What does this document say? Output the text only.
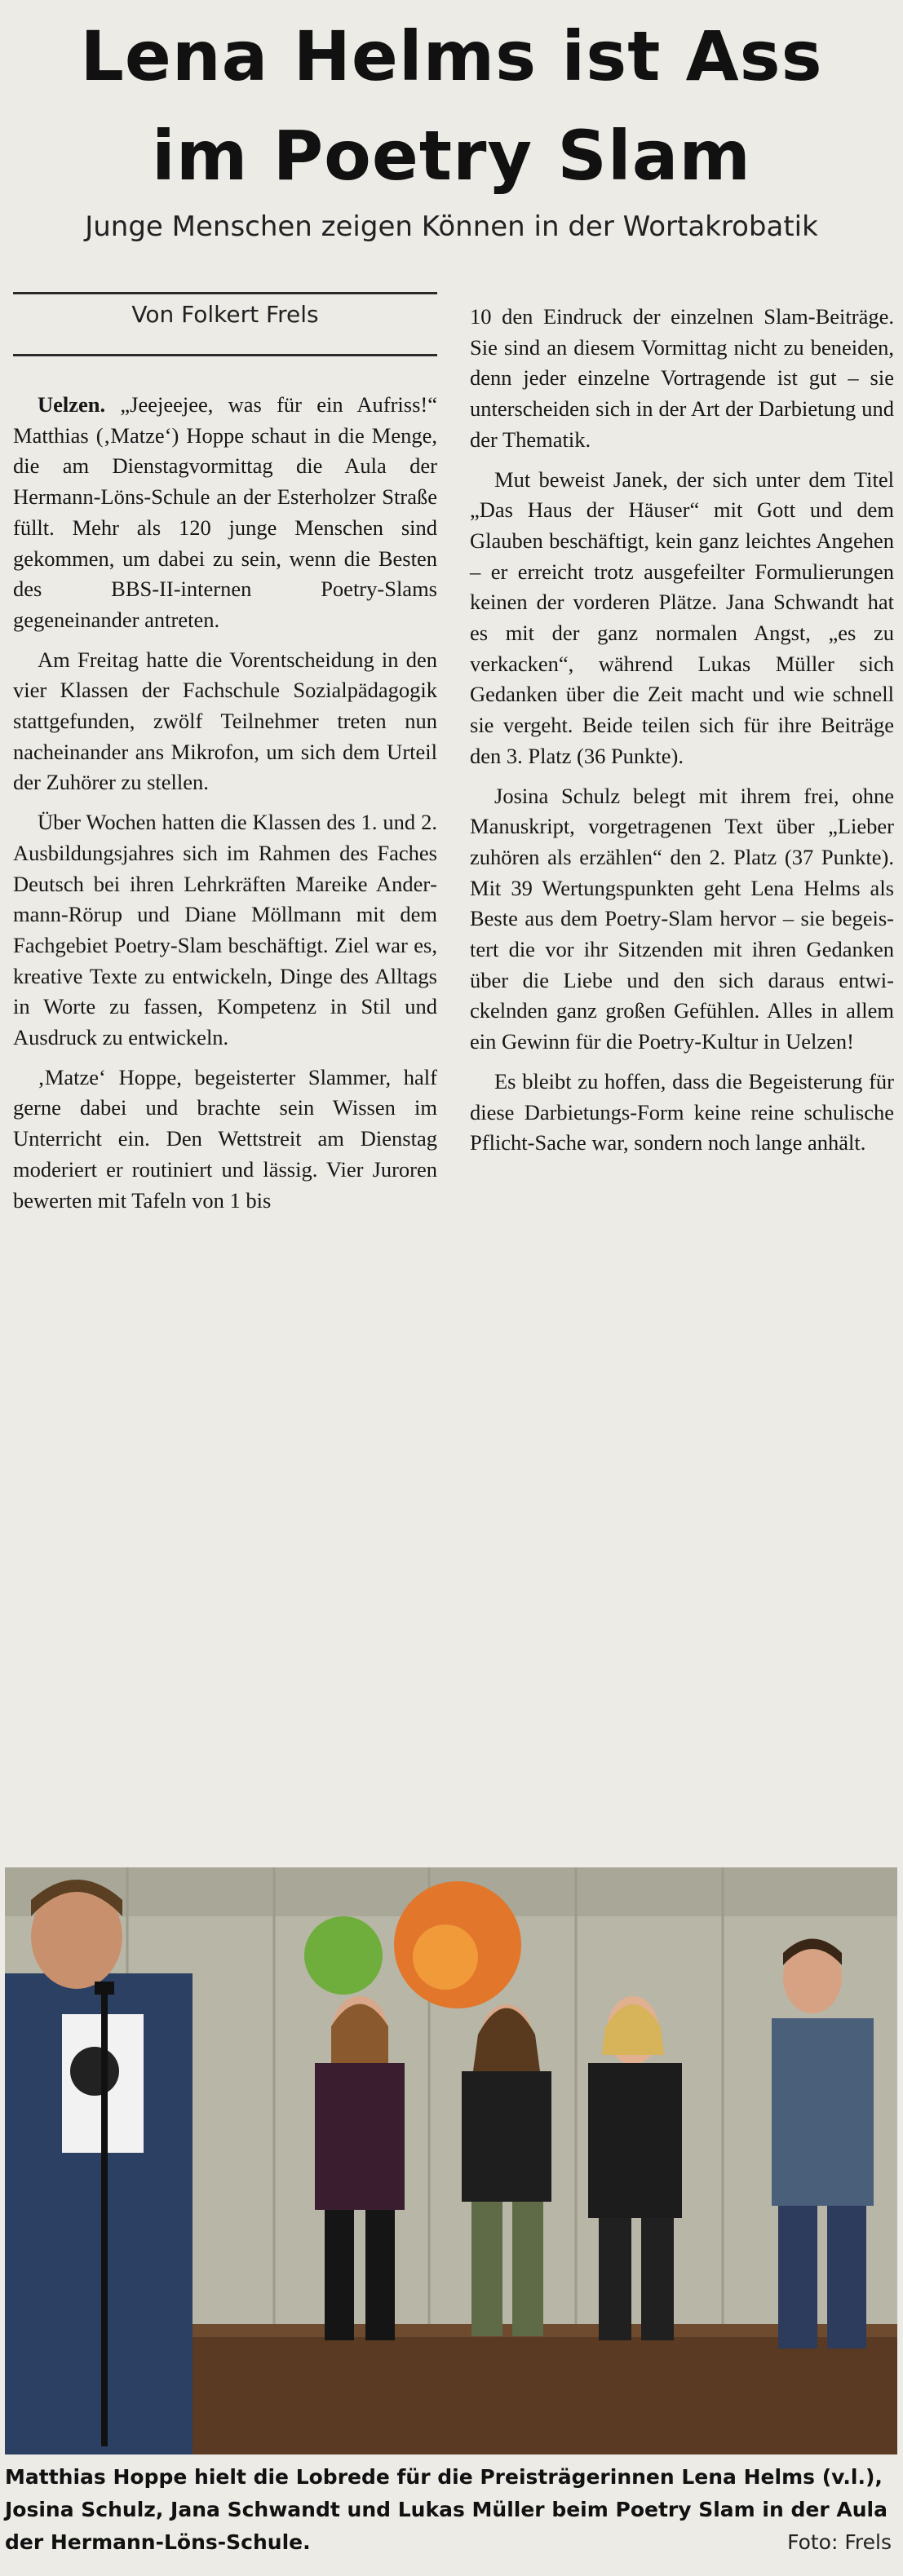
Lena Helms ist Ass
im Poetry Slam
Junge Menschen zeigen Können in der Wortakrobatik
Von Folkert Frels

Uelzen. „Jeejeejee, was für ein Aufriss!“ Matthias (‚Matze‘) Hoppe schaut in die Menge, die am Dienstagvormittag die Aula der Hermann-Löns-Schule an der Esterholzer Straße füllt. Mehr als 120 junge Menschen sind gekommen, um dabei zu sein, wenn die Besten des BBS-II-internen Poetry-Slams gegeneinander antreten.

Am Freitag hatte die Vorentscheidung in den vier Klassen der Fachschule Sozialpädagogik stattgefunden, zwölf Teilnehmer treten nun nacheinander ans Mikrofon, um sich dem Urteil der Zuhörer zu stellen.

Über Wochen hatten die Klassen des 1. und 2. Ausbildungsjahres sich im Rahmen des Faches Deutsch bei ihren Lehrkräften Mareike Andermann-Rörup und Diane Möllmann mit dem Fachgebiet Poetry-Slam beschäftigt. Ziel war es, kreative Texte zu entwickeln, Dinge des Alltags in Worte zu fassen, Kompetenz in Stil und Ausdruck zu entwickeln.

‚Matze‘ Hoppe, begeisterter Slammer, half gerne dabei und brachte sein Wissen im Unterricht ein. Den Wettstreit am Dienstag moderiert er routiniert und lässig. Vier Juroren bewerten mit Tafeln von 1 bis

10 den Eindruck der einzelnen Slam-Beiträge. Sie sind an diesem Vormittag nicht zu beneiden, denn jeder einzelne Vortragende ist gut – sie unterscheiden sich in der Art der Darbietung und der Thematik.

Mut beweist Janek, der sich unter dem Titel „Das Haus der Häuser“ mit Gott und dem Glauben beschäftigt, kein ganz leichtes Angehen – er erreicht trotz ausgefeilter Formulierungen keinen der vorderen Plätze. Jana Schwandt hat es mit der ganz normalen Angst, „es zu verkacken“, während Lukas Müller sich Gedanken über die Zeit macht und wie schnell sie vergeht. Beide teilen sich für ihre Beiträge den 3. Platz (36 Punkte).

Josina Schulz belegt mit ihrem frei, ohne Manuskript, vorgetragenen Text über „Lieber zuhören als erzählen“ den 2. Platz (37 Punkte). Mit 39 Wertungspunkten geht Lena Helms als Beste aus dem Poetry-Slam hervor – sie begeistert die vor ihr Sitzenden mit ihren Gedanken über die Liebe und den sich daraus entwickelnden ganz großen Gefühlen. Alles in allem ein Gewinn für die Poetry-Kultur in Uelzen!

Es bleibt zu hoffen, dass die Begeisterung für diese Darbietungs-Form keine reine schulische Pflicht-Sache war, sondern noch lange anhält.

Matthias Hoppe hielt die Lobrede für die Preisträgerinnen Lena Helms (v.l.), Josina Schulz, Jana Schwandt und Lukas Müller beim Poetry Slam in der Aula der Hermann-Löns-Schule.	Foto: Frels
